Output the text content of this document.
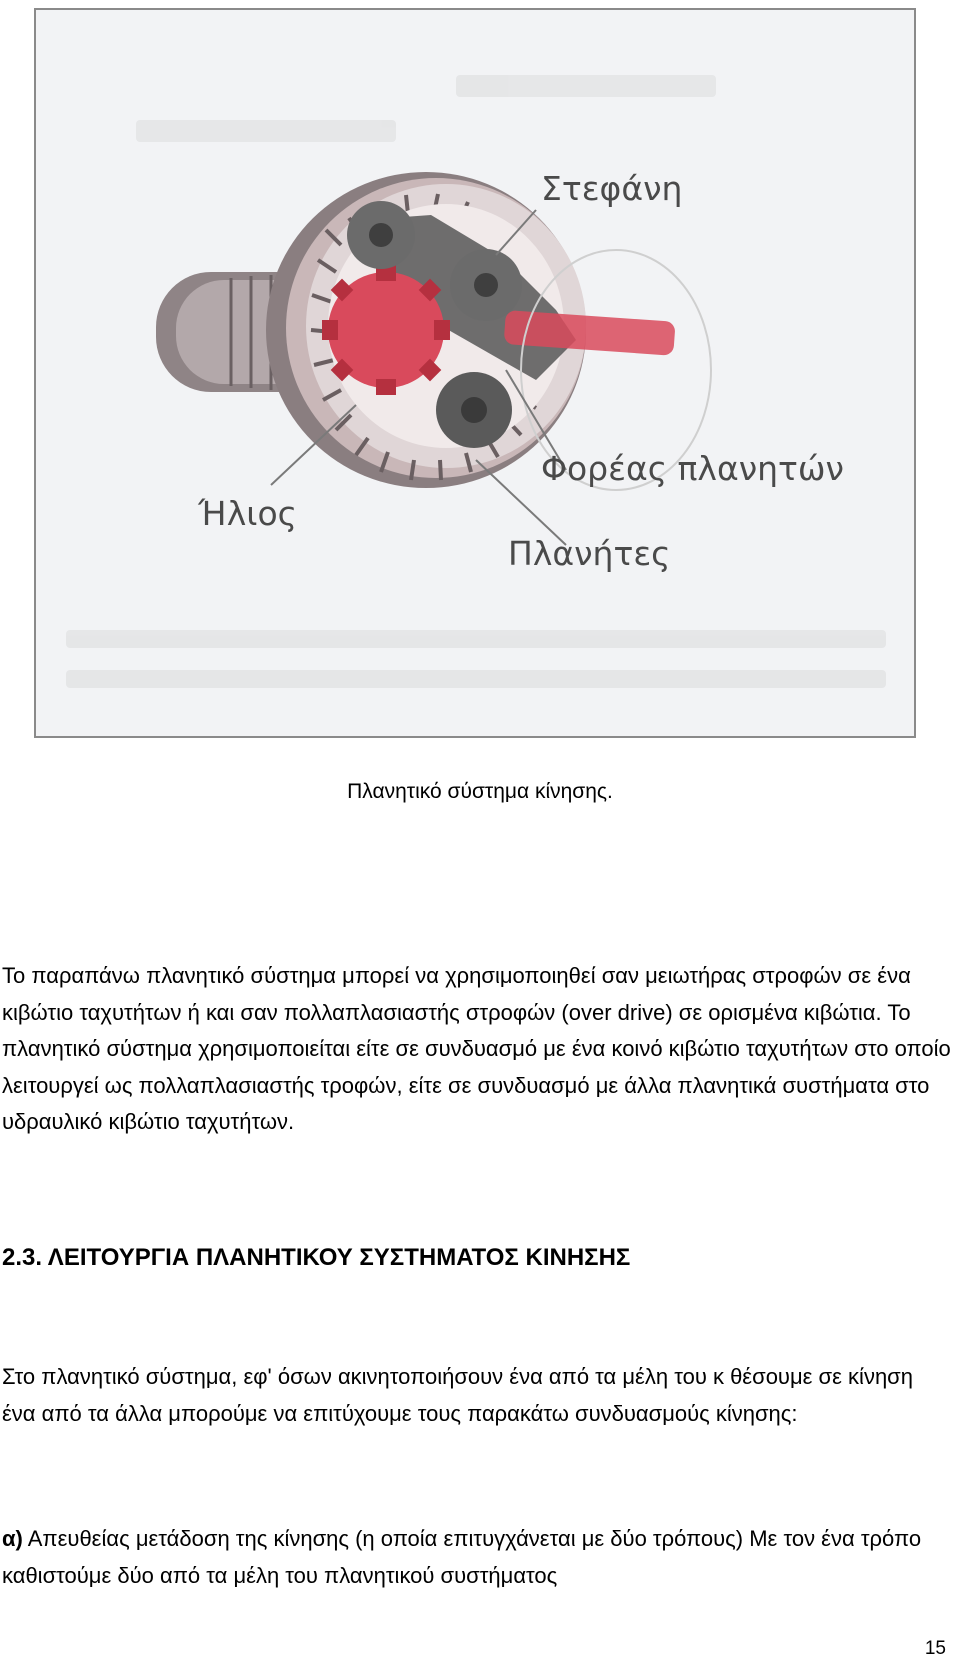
Στεφάνη
Φορέας πλανητών
Ήλιος
Πλανήτες
Πλανητικό σύστημα κίνησης.

Το παραπάνω πλανητικό σύστημα μπορεί να χρησιμοποιηθεί σαν μειωτήρας στροφών σε ένα κιβώτιο ταχυτήτων ή και σαν πολλαπλασιαστής στροφών (over drive) σε ορισμένα κιβώτια. Το πλανητικό σύστημα χρησιμοποιείται είτε σε συνδυασμό με ένα κοινό κιβώτιο ταχυτήτων στο οποίο λειτουργεί ως πολλαπλασιαστής τροφών, είτε σε συνδυασμό με άλλα πλανητικά συστήματα στο υδραυλικό κιβώτιο ταχυτήτων.

2.3. ΛΕΙΤΟΥΡΓΙΑ ΠΛΑΝΗΤΙΚΟΥ ΣΥΣΤΗΜΑΤΟΣ ΚΙΝΗΣΗΣ

Στο πλανητικό σύστημα, εφ' όσων ακινητοποιήσουν ένα από τα μέλη του κ θέσουμε σε κίνηση ένα από τα άλλα μπορούμε να επιτύχουμε τους παρακάτω συνδυασμούς κίνησης:

α) Απευθείας μετάδοση της κίνησης (η οποία επιτυγχάνεται με δύο τρόπους) Με τον ένα τρόπο καθιστούμε δύο από τα μέλη του πλανητικού συστήματος

15
